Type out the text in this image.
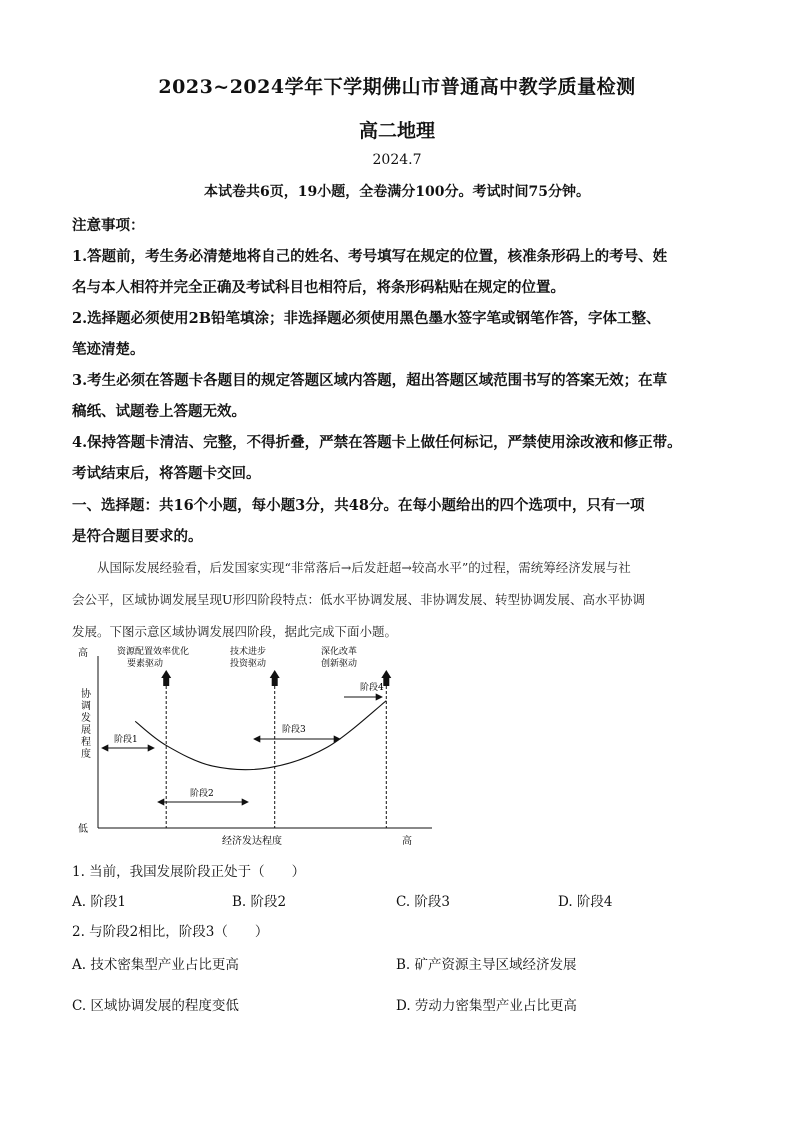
2023~2024学年下学期佛山市普通高中教学质量检测
高二地理
2024.7
本试卷共6页，19小题，全卷满分100分。考试时间75分钟。
注意事项：
1.答题前，考生务必清楚地将自己的姓名、考号填写在规定的位置，核准条形码上的考号、姓
名与本人相符并完全正确及考试科目也相符后，将条形码粘贴在规定的位置。
2.选择题必须使用2B铅笔填涂；非选择题必须使用黑色墨水签字笔或钢笔作答，字体工整、
笔迹清楚。
3.考生必须在答题卡各题目的规定答题区域内答题，超出答题区域范围书写的答案无效；在草
稿纸、试题卷上答题无效。
4.保持答题卡清洁、完整，不得折叠，严禁在答题卡上做任何标记，严禁使用涂改液和修正带。
考试结束后，将答题卡交回。
一、选择题：共16个小题，每小题3分，共48分。在每小题给出的四个选项中，只有一项
是符合题目要求的。
　　从国际发展经验看，后发国家实现“非常落后→后发赶超→较高水平”的过程，需统筹经济发展与社
会公平，区域协调发展呈现U形四阶段特点：低水平协调发展、非协调发展、转型协调发展、高水平协调
发展。下图示意区域协调发展四阶段，据此完成下面小题。
高
低
高
经济发达程度
协调发展程度
资源配置效率优化
要素驱动
技术进步
投资驱动
深化改革
创新驱动
阶段1
阶段2
阶段3
阶段4
1. 当前，我国发展阶段正处于（　　）
A. 阶段1	B. 阶段2	C. 阶段3	D. 阶段4
2. 与阶段2相比，阶段3（　　）
A. 技术密集型产业占比更高	B. 矿产资源主导区域经济发展
C. 区域协调发展的程度变低	D. 劳动力密集型产业占比更高
